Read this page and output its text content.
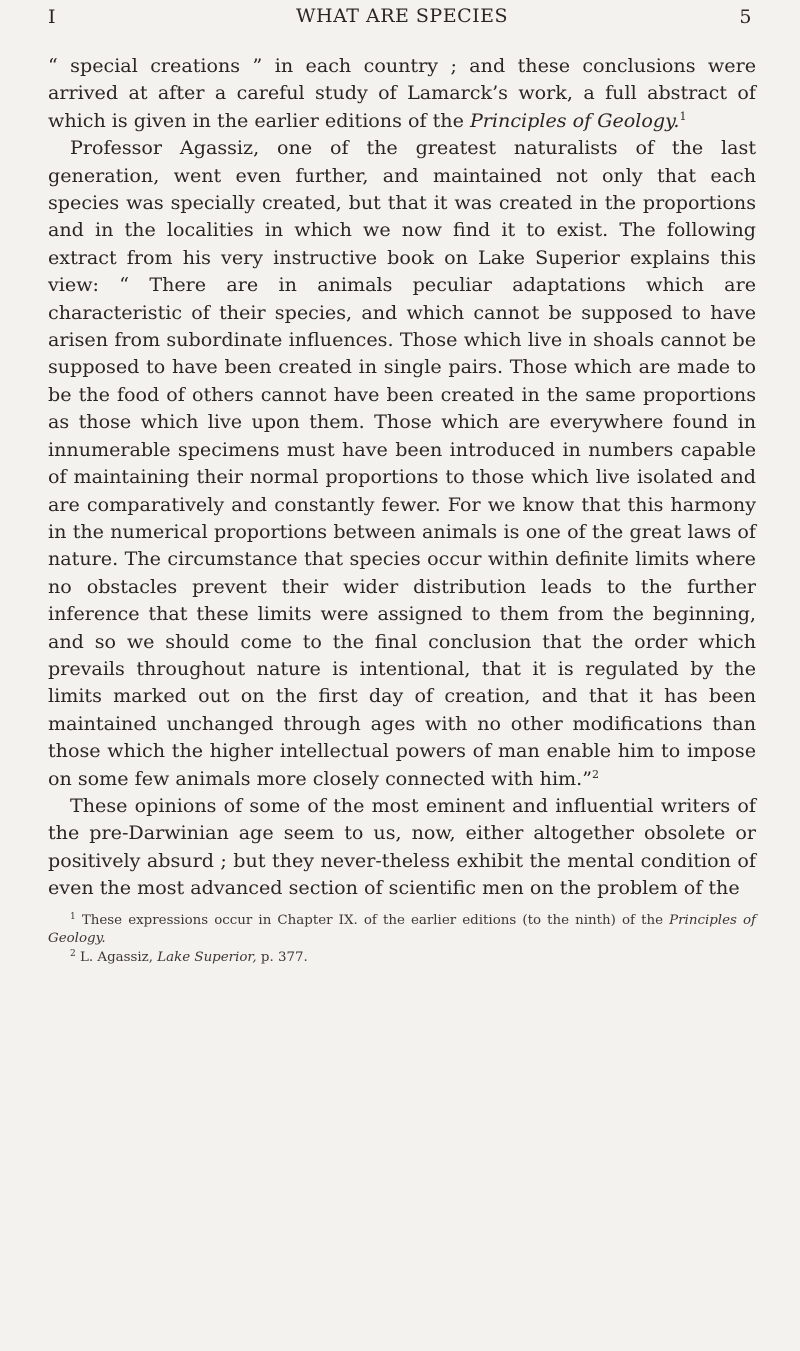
I	WHAT ARE SPECIES	5

“ special creations ” in each country ; and these conclusions were arrived at after a careful study of Lamarck’s work, a full abstract of which is given in the earlier editions of the Principles of Geology.$^1$

Professor Agassiz, one of the greatest naturalists of the last generation, went even further, and maintained not only that each species was specially created, but that it was created in the proportions and in the localities in which we now find it to exist. The following extract from his very instructive book on Lake Superior explains this view: “ There are in animals peculiar adaptations which are characteristic of their species, and which cannot be supposed to have arisen from subordinate influences. Those which live in shoals cannot be supposed to have been created in single pairs. Those which are made to be the food of others cannot have been created in the same proportions as those which live upon them. Those which are everywhere found in innumerable specimens must have been introduced in numbers capable of maintaining their normal proportions to those which live isolated and are comparatively and constantly fewer. For we know that this harmony in the numerical proportions between animals is one of the great laws of nature. The circumstance that species occur within definite limits where no obstacles prevent their wider distribution leads to the further inference that these limits were assigned to them from the beginning, and so we should come to the final conclusion that the order which prevails throughout nature is intentional, that it is regulated by the limits marked out on the first day of creation, and that it has been maintained unchanged through ages with no other modifications than those which the higher intellectual powers of man enable him to impose on some few animals more closely connected with him.”$^2$

These opinions of some of the most eminent and influential writers of the pre-Darwinian age seem to us, now, either altogether obsolete or positively absurd ; but they never-theless exhibit the mental condition of even the most advanced section of scientific men on the problem of the

$^1$ These expressions occur in Chapter IX. of the earlier editions (to the ninth) of the Principles of Geology.

$^2$ L. Agassiz, Lake Superior, p. 377.
